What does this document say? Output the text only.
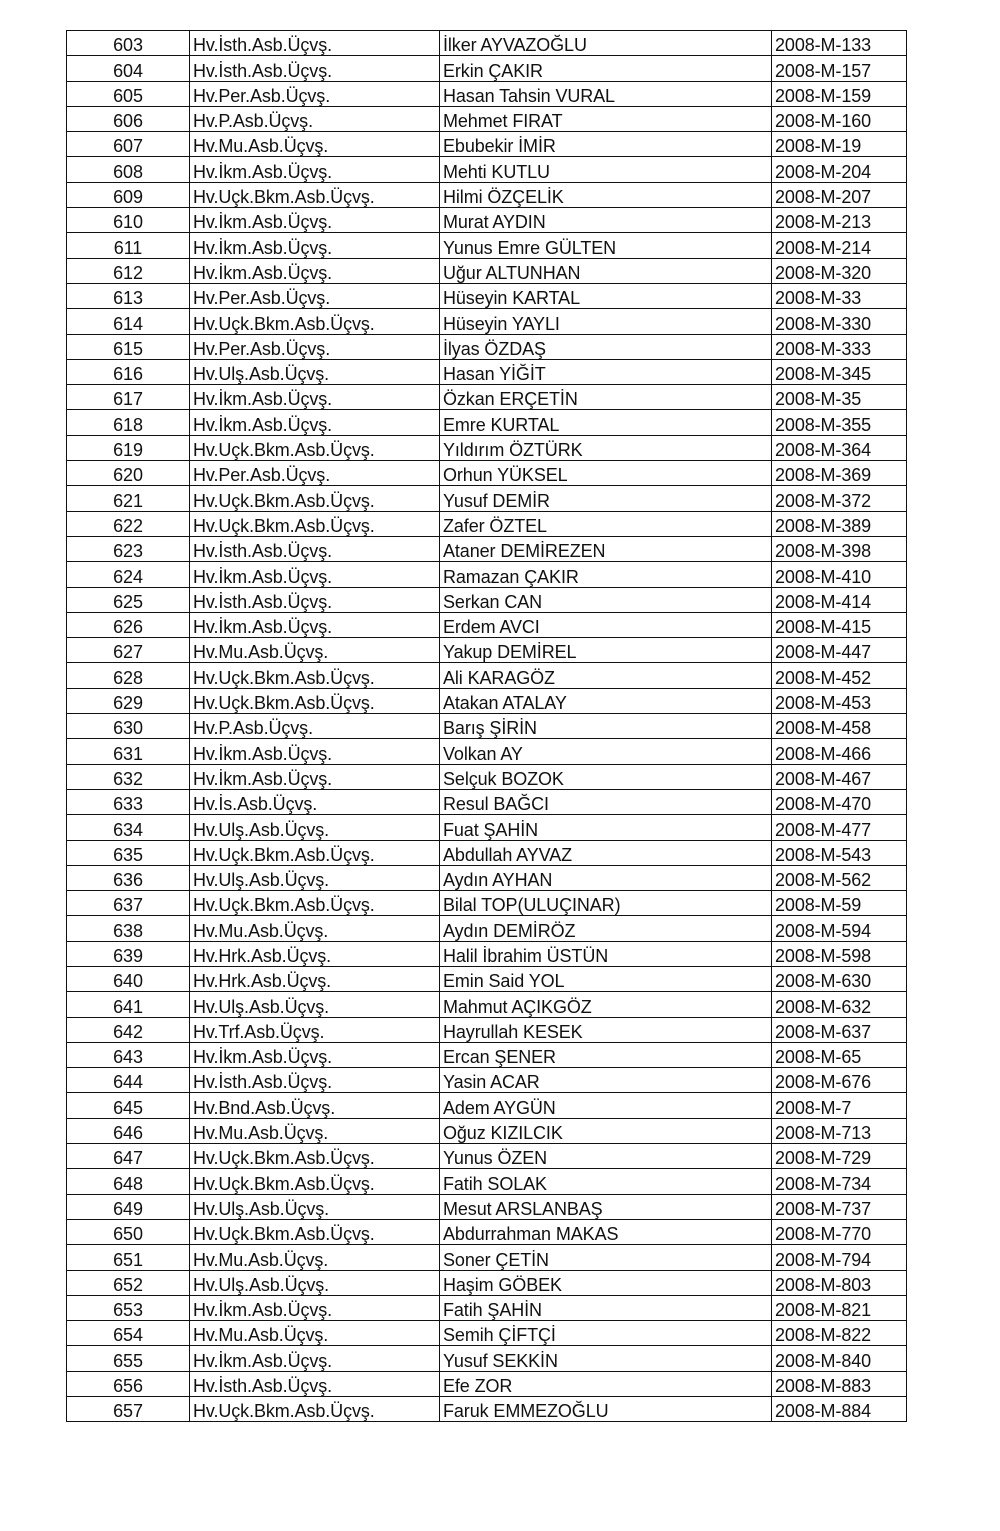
603	Hv.İsth.Asb.Üçvş.	İlker AYVAZOĞLU	2008-M-133
604	Hv.İsth.Asb.Üçvş.	Erkin ÇAKIR	2008-M-157
605	Hv.Per.Asb.Üçvş.	Hasan Tahsin VURAL	2008-M-159
606	Hv.P.Asb.Üçvş.	Mehmet FIRAT	2008-M-160
607	Hv.Mu.Asb.Üçvş.	Ebubekir İMİR	2008-M-19
608	Hv.İkm.Asb.Üçvş.	Mehti KUTLU	2008-M-204
609	Hv.Uçk.Bkm.Asb.Üçvş.	Hilmi ÖZÇELİK	2008-M-207
610	Hv.İkm.Asb.Üçvş.	Murat AYDIN	2008-M-213
611	Hv.İkm.Asb.Üçvş.	Yunus Emre GÜLTEN	2008-M-214
612	Hv.İkm.Asb.Üçvş.	Uğur ALTUNHAN	2008-M-320
613	Hv.Per.Asb.Üçvş.	Hüseyin KARTAL	2008-M-33
614	Hv.Uçk.Bkm.Asb.Üçvş.	Hüseyin YAYLI	2008-M-330
615	Hv.Per.Asb.Üçvş.	İlyas ÖZDAŞ	2008-M-333
616	Hv.Ulş.Asb.Üçvş.	Hasan YİĞİT	2008-M-345
617	Hv.İkm.Asb.Üçvş.	Özkan ERÇETİN	2008-M-35
618	Hv.İkm.Asb.Üçvş.	Emre KURTAL	2008-M-355
619	Hv.Uçk.Bkm.Asb.Üçvş.	Yıldırım ÖZTÜRK	2008-M-364
620	Hv.Per.Asb.Üçvş.	Orhun YÜKSEL	2008-M-369
621	Hv.Uçk.Bkm.Asb.Üçvş.	Yusuf DEMİR	2008-M-372
622	Hv.Uçk.Bkm.Asb.Üçvş.	Zafer ÖZTEL	2008-M-389
623	Hv.İsth.Asb.Üçvş.	Ataner DEMİREZEN	2008-M-398
624	Hv.İkm.Asb.Üçvş.	Ramazan ÇAKIR	2008-M-410
625	Hv.İsth.Asb.Üçvş.	Serkan CAN	2008-M-414
626	Hv.İkm.Asb.Üçvş.	Erdem AVCI	2008-M-415
627	Hv.Mu.Asb.Üçvş.	Yakup DEMİREL	2008-M-447
628	Hv.Uçk.Bkm.Asb.Üçvş.	Ali KARAGÖZ	2008-M-452
629	Hv.Uçk.Bkm.Asb.Üçvş.	Atakan ATALAY	2008-M-453
630	Hv.P.Asb.Üçvş.	Barış ŞİRİN	2008-M-458
631	Hv.İkm.Asb.Üçvş.	Volkan AY	2008-M-466
632	Hv.İkm.Asb.Üçvş.	Selçuk BOZOK	2008-M-467
633	Hv.İs.Asb.Üçvş.	Resul BAĞCI	2008-M-470
634	Hv.Ulş.Asb.Üçvş.	Fuat ŞAHİN	2008-M-477
635	Hv.Uçk.Bkm.Asb.Üçvş.	Abdullah AYVAZ	2008-M-543
636	Hv.Ulş.Asb.Üçvş.	Aydın AYHAN	2008-M-562
637	Hv.Uçk.Bkm.Asb.Üçvş.	Bilal TOP(ULUÇINAR)	2008-M-59
638	Hv.Mu.Asb.Üçvş.	Aydın DEMİRÖZ	2008-M-594
639	Hv.Hrk.Asb.Üçvş.	Halil İbrahim ÜSTÜN	2008-M-598
640	Hv.Hrk.Asb.Üçvş.	Emin Said YOL	2008-M-630
641	Hv.Ulş.Asb.Üçvş.	Mahmut AÇIKGÖZ	2008-M-632
642	Hv.Trf.Asb.Üçvş.	Hayrullah KESEK	2008-M-637
643	Hv.İkm.Asb.Üçvş.	Ercan ŞENER	2008-M-65
644	Hv.İsth.Asb.Üçvş.	Yasin ACAR	2008-M-676
645	Hv.Bnd.Asb.Üçvş.	Adem AYGÜN	2008-M-7
646	Hv.Mu.Asb.Üçvş.	Oğuz KIZILCIK	2008-M-713
647	Hv.Uçk.Bkm.Asb.Üçvş.	Yunus ÖZEN	2008-M-729
648	Hv.Uçk.Bkm.Asb.Üçvş.	Fatih SOLAK	2008-M-734
649	Hv.Ulş.Asb.Üçvş.	Mesut ARSLANBAŞ	2008-M-737
650	Hv.Uçk.Bkm.Asb.Üçvş.	Abdurrahman MAKAS	2008-M-770
651	Hv.Mu.Asb.Üçvş.	Soner ÇETİN	2008-M-794
652	Hv.Ulş.Asb.Üçvş.	Haşim GÖBEK	2008-M-803
653	Hv.İkm.Asb.Üçvş.	Fatih ŞAHİN	2008-M-821
654	Hv.Mu.Asb.Üçvş.	Semih ÇİFTÇİ	2008-M-822
655	Hv.İkm.Asb.Üçvş.	Yusuf SEKKİN	2008-M-840
656	Hv.İsth.Asb.Üçvş.	Efe ZOR	2008-M-883
657	Hv.Uçk.Bkm.Asb.Üçvş.	Faruk EMMEZOĞLU	2008-M-884
